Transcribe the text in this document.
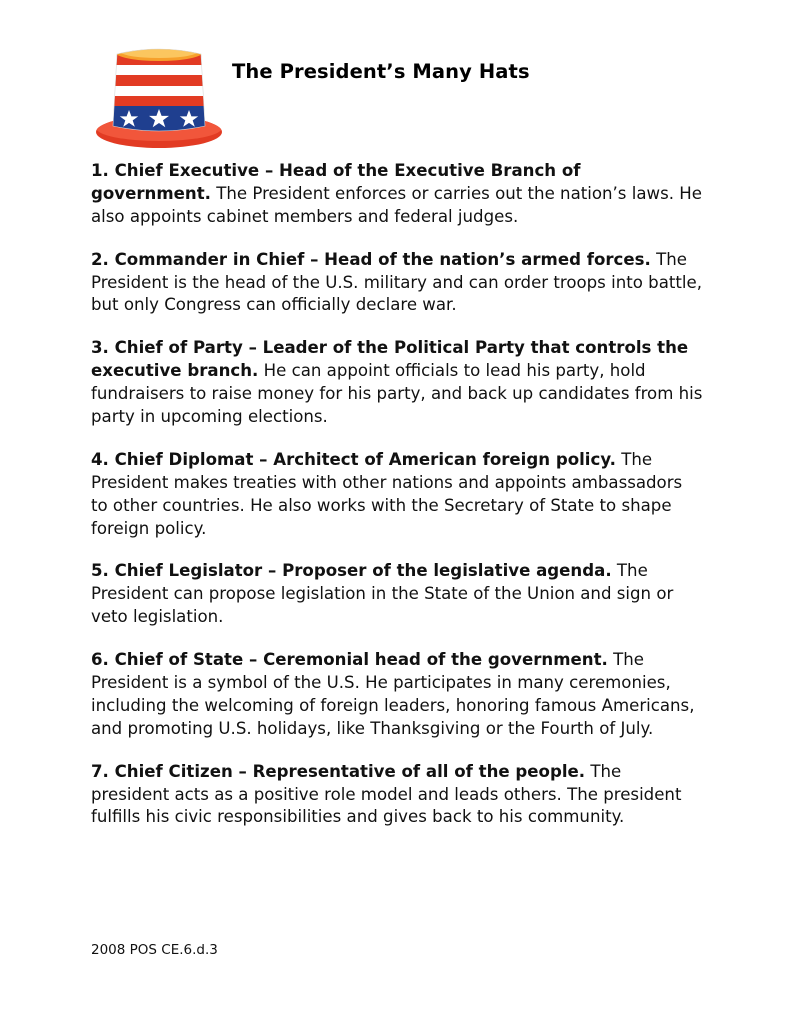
The President’s Many Hats

1. Chief Executive – Head of the Executive Branch of government. The President enforces or carries out the nation’s laws. He also appoints cabinet members and federal judges.

2. Commander in Chief – Head of the nation’s armed forces. The President is the head of the U.S. military and can order troops into battle, but only Congress can officially declare war.

3. Chief of Party – Leader of the Political Party that controls the executive branch. He can appoint officials to lead his party, hold fundraisers to raise money for his party, and back up candidates from his party in upcoming elections.

4. Chief Diplomat – Architect of American foreign policy. The President makes treaties with other nations and appoints ambassadors to other countries. He also works with the Secretary of State to shape foreign policy.

5. Chief Legislator – Proposer of the legislative agenda. The President can propose legislation in the State of the Union and sign or veto legislation.

6. Chief of State – Ceremonial head of the government. The President is a symbol of the U.S. He participates in many ceremonies, including the welcoming of foreign leaders, honoring famous Americans, and promoting U.S. holidays, like Thanksgiving or the Fourth of July.

7. Chief Citizen – Representative of all of the people. The president acts as a positive role model and leads others. The president fulfills his civic responsibilities and gives back to his community.

2008 POS CE.6.d.3
